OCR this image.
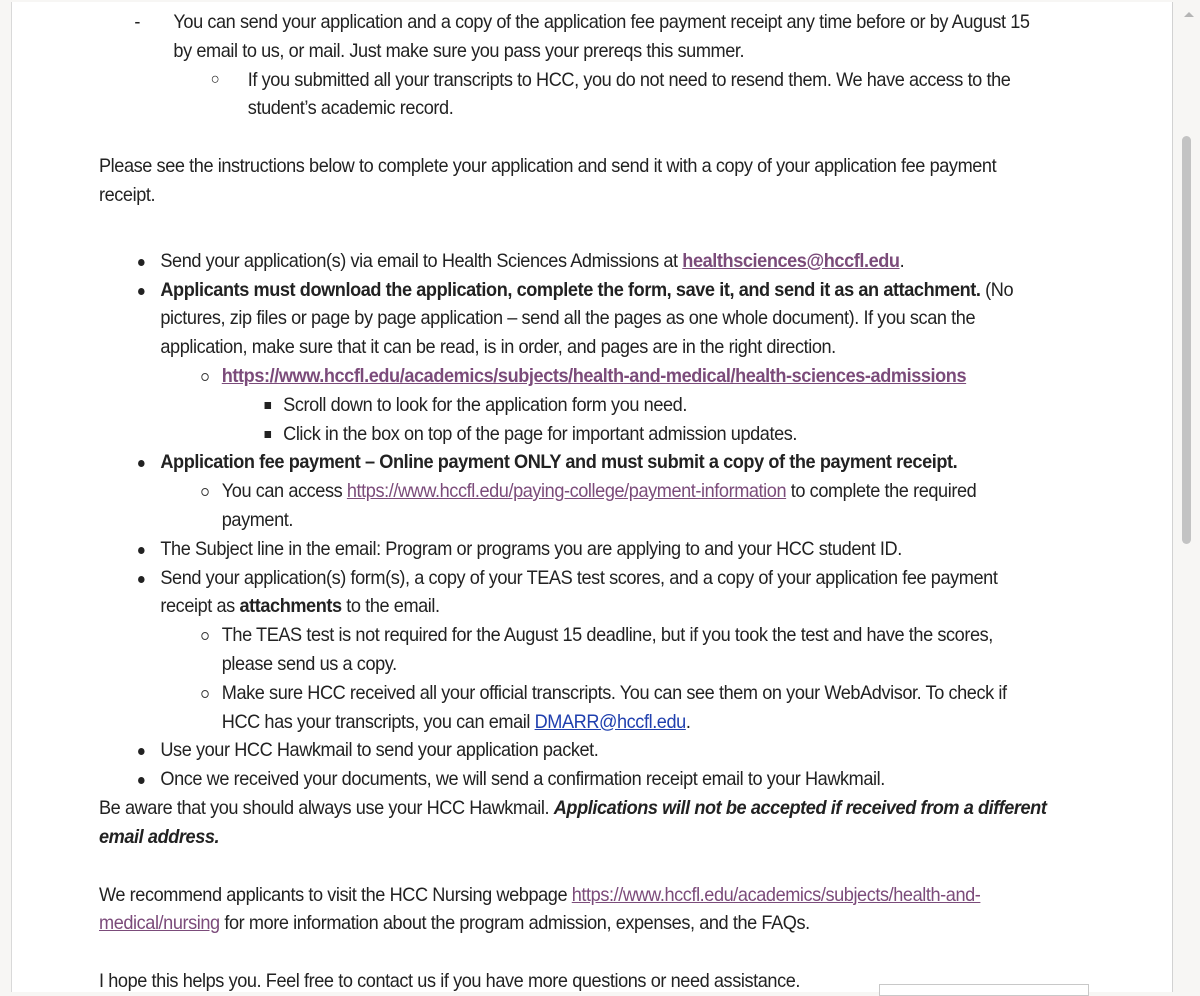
- You can send your application and a copy of the application fee payment receipt any time before or by August 15 by email to us, or mail. Just make sure you pass your prereqs this summer.

○ If you submitted all your transcripts to HCC, you do not need to resend them. We have access to the student’s academic record.

Please see the instructions below to complete your application and send it with a copy of your application fee payment receipt.

Send your application(s) via email to Health Sciences Admissions at healthsciences@hccfl.edu.
Applicants must download the application, complete the form, save it, and send it as an attachment. (No pictures, zip files or page by page application – send all the pages as one whole document). If you scan the application, make sure that it can be read, is in order, and pages are in the right direction.
https://www.hccfl.edu/academics/subjects/health-and-medical/health-sciences-admissions
Scroll down to look for the application form you need.
Click in the box on top of the page for important admission updates.
Application fee payment – Online payment ONLY and must submit a copy of the payment receipt.
You can access https://www.hccfl.edu/paying-college/payment-information to complete the required payment.
The Subject line in the email: Program or programs you are applying to and your HCC student ID.
Send your application(s) form(s), a copy of your TEAS test scores, and a copy of your application fee payment receipt as attachments to the email.
The TEAS test is not required for the August 15 deadline, but if you took the test and have the scores, please send us a copy.
Make sure HCC received all your official transcripts. You can see them on your WebAdvisor. To check if HCC has your transcripts, you can email DMARR@hccfl.edu.
Use your HCC Hawkmail to send your application packet.
Once we received your documents, we will send a confirmation receipt email to your Hawkmail.

Be aware that you should always use your HCC Hawkmail. Applications will not be accepted if received from a different email address.

We recommend applicants to visit the HCC Nursing webpage https://www.hccfl.edu/academics/subjects/health-and-medical/nursing for more information about the program admission, expenses, and the FAQs.

I hope this helps you. Feel free to contact us if you have more questions or need assistance.
